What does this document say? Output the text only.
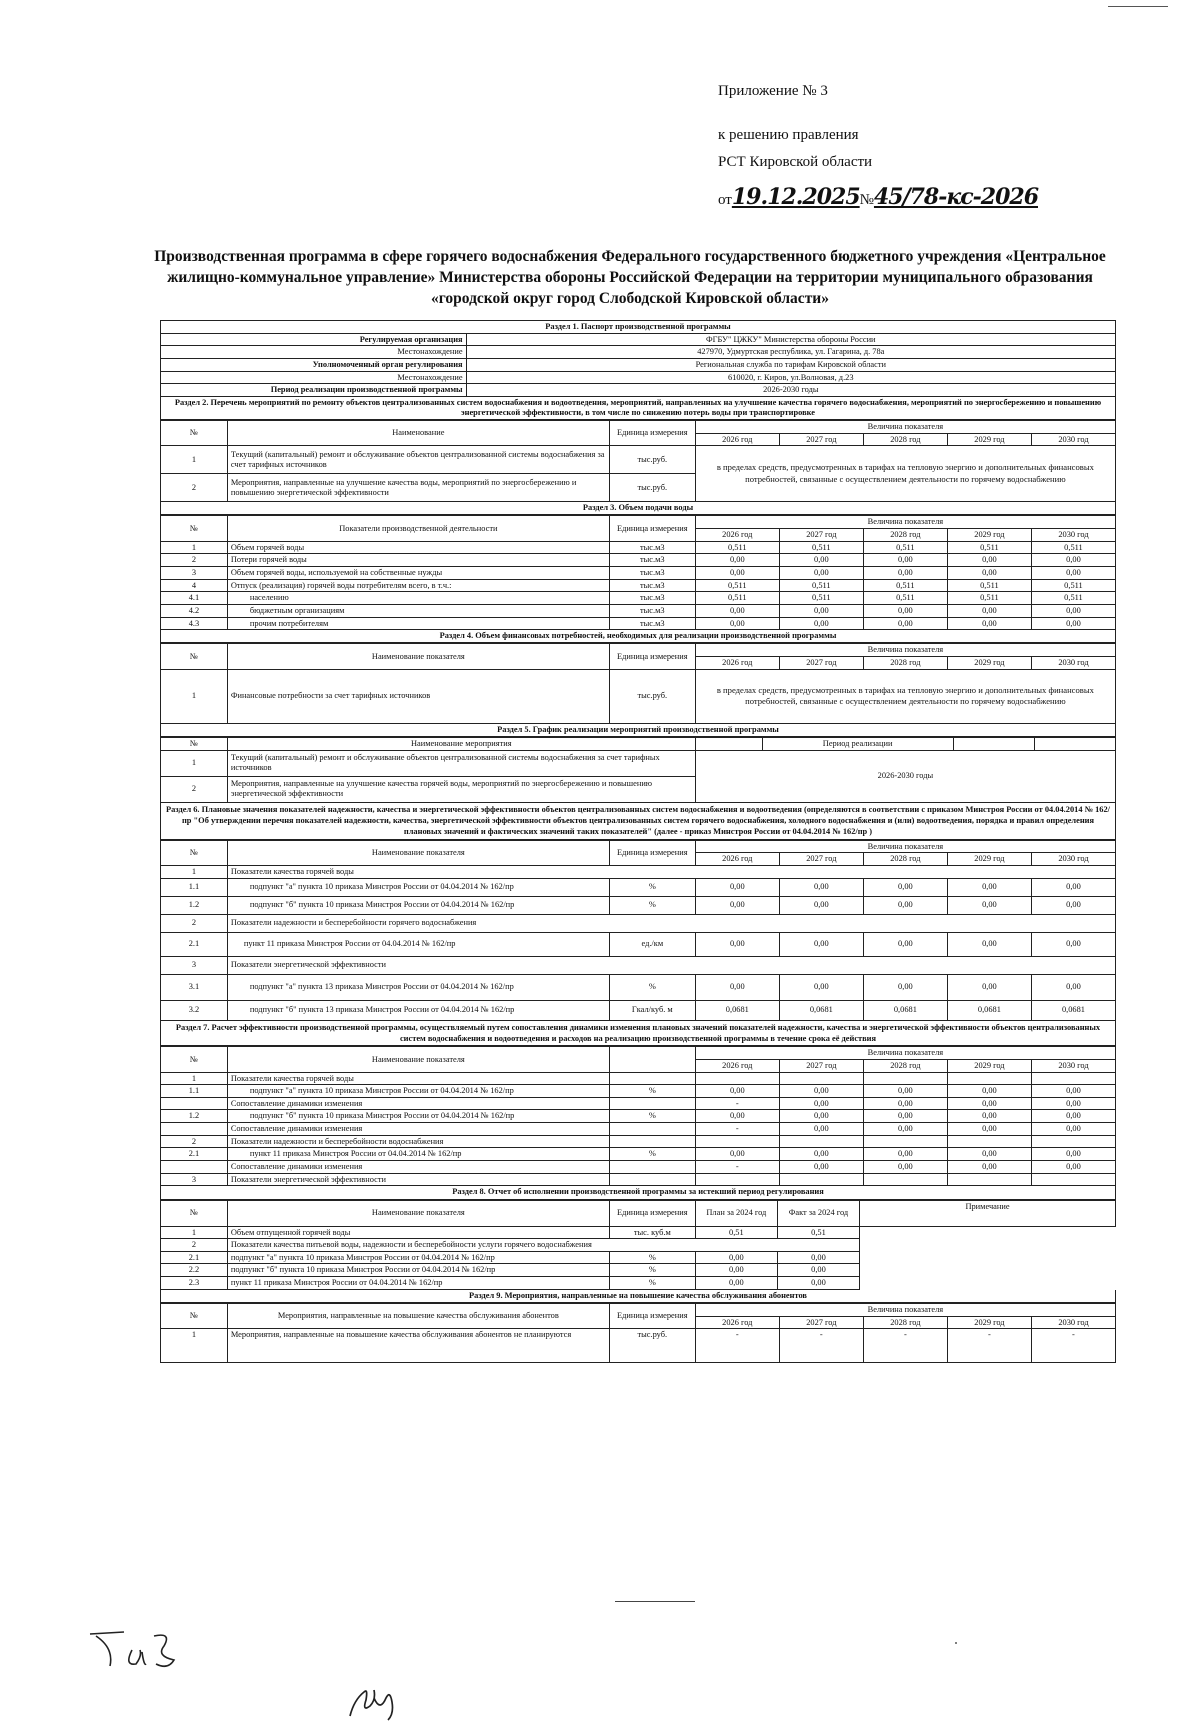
Приложение № 3
к решению правления
РСТ Кировской области
от19.12.2025№45/78-кс-2026
Производственная программа в сфере горячего водоснабжения Федерального государственного бюджетного учреждения «Центральное жилищно-коммунальное управление» Министерства обороны Российской Федерации на территории муниципального образования «городской округ город Слободской Кировской области»
Раздел 1. Паспорт производственной программы	
Регулируемая организация	ФГБУ" ЦЖКУ" Министерства обороны России
Местонахождение	427970, Удмуртская республика, ул. Гагарина, д. 78а
Уполномоченный орган регулирования	Региональная служба по тарифам Кировской области
Местонахождение	610020, г. Киров, ул.Волновая, д.23
Период реализации производственной программы	2026-2030 годы
Раздел 2. Перечень мероприятий по ремонту объектов централизованных систем водоснабжения и водоотведения, мероприятий, направленных на улучшение качества горячего водоснабжения, мероприятий по энергосбережению и повышению энергетической эффективности, в том числе по снижению потерь воды при транспортировке
№	Наименование	Единица измерения	Величина показателя				
			2026 год	2027 год	2028 год	2029 год	2030 год
1	Текущий (капитальный) ремонт и обслуживание объектов централизованной системы водоснабжения за счет тарифных источников	тыс.руб.	в пределах средств, предусмотренных в тарифах на тепловую энергию и дополнительных финансовых потребностей, связанные с осуществлением деятельности по горячему водоснабжению				
2	Мероприятия, направленные на улучшение качества воды, мероприятий по энергосбережению и повышению энергетической эффективности	тыс.руб.					
Раздел 3. Объем подачи воды
№	Показатели производственной деятельности	Единица измерения	Величина показателя				
			2026 год	2027 год	2028 год	2029 год	2030 год
1	Объем горячей воды	тыс.м3	0,511	0,511	0,511	0,511	0,511
2	Потери горячей воды	тыс.м3	0,00	0,00	0,00	0,00	0,00
3	Объем горячей воды, используемой на собственные нужды	тыс.м3	0,00	0,00	0,00	0,00	0,00
4	Отпуск (реализация) горячей воды потребителям всего, в т.ч.:	тыс.м3	0,511	0,511	0,511	0,511	0,511
4.1	населению	тыс.м3	0,511	0,511	0,511	0,511	0,511
4.2	бюджетным организациям	тыс.м3	0,00	0,00	0,00	0,00	0,00
4.3	прочим потребителям	тыс.м3	0,00	0,00	0,00	0,00	0,00
Раздел 4. Объем финансовых потребностей, необходимых для реализации производственной программы
№	Наименование показателя	Единица измерения	Величина показателя				
			2026 год	2027 год	2028 год	2029 год	2030 год
1	Финансовые потребности за счет тарифных источников	тыс.руб.	в пределах средств, предусмотренных в тарифах на тепловую энергию и дополнительных финансовых потребностей, связанные с осуществлением деятельности по горячему водоснабжению				
Раздел 5. График реализации мероприятий производственной программы
№	Наименование мероприятия		Период реализации		
1	Текущий (капитальный) ремонт и обслуживание объектов централизованной системы водоснабжения за счет тарифных источников	2026-2030 годы			
2	Мероприятия, направленные на улучшение качества горячей воды, мероприятий по энергосбережению и повышению энергетической эффективности				
Раздел 6. Плановые значения показателей надежности, качества и энергетической эффективности объектов централизованных систем водоснабжения и водоотведения (определяются в соответствии с приказом Минстроя России от 04.04.2014 № 162/пр "Об утверждении перечня показателей надежности, качества, энергетической эффективности объектов централизованных систем горячего водоснабжения, холодного водоснабжения и (или) водоотведения, порядка и правил определения плановых значений и фактических значений таких показателей" (далее - приказ Минстроя России от 04.04.2014 № 162/пр )
№	Наименование показателя	Единица измерения	Величина показателя				
			2026 год	2027 год	2028 год	2029 год	2030 год
1	Показатели качества горячей воды						
1.1	подпункт "а" пункта 10 приказа Минстроя России от 04.04.2014 № 162/пр	%	0,00	0,00	0,00	0,00	0,00
1.2	подпункт "б" пункта 10 приказа Минстроя России от 04.04.2014 № 162/пр	%	0,00	0,00	0,00	0,00	0,00
2	Показатели надежности и бесперебойности горячего водоснабжения						
2.1	пункт 11 приказа Минстроя России от 04.04.2014 № 162/пр	ед./км	0,00	0,00	0,00	0,00	0,00
3	Показатели энергетической эффективности						
3.1	подпункт "а" пункта 13 приказа Минстроя России от 04.04.2014 № 162/пр	%	0,00	0,00	0,00	0,00	0,00
3.2	подпункт "б" пункта 13 приказа Минстроя России от 04.04.2014 № 162/пр	Гкал/куб. м	0,0681	0,0681	0,0681	0,0681	0,0681
Раздел 7. Расчет эффективности производственной программы, осуществляемый путем сопоставления динамики изменения плановых значений показателей надежности, качества и энергетической эффективности объектов централизованных систем водоснабжения и водоотведения и расходов на реализацию производственной программы в течение срока её действия
№	Наименование показателя		Величина показателя				
			2026 год	2027 год	2028 год	2029 год	2030 год
1	Показатели качества горячей воды						
1.1	подпункт "а" пункта 10 приказа Минстроя России от 04.04.2014 № 162/пр	%	0,00	0,00	0,00	0,00	0,00
	Сопоставление динамики изменения		-	0,00	0,00	0,00	0,00
1.2	подпункт "б" пункта 10 приказа Минстроя России от 04.04.2014 № 162/пр	%	0,00	0,00	0,00	0,00	0,00
	Сопоставление динамики изменения		-	0,00	0,00	0,00	0,00
2	Показатели надежности и бесперебойности водоснабжения						
2.1	пункт 11 приказа Минстроя России от 04.04.2014 № 162/пр	%	0,00	0,00	0,00	0,00	0,00
	Сопоставление динамики изменения		-	0,00	0,00	0,00	0,00
3	Показатели энергетической эффективности						
Раздел 8. Отчет об исполнении производственной программы за истекший период регулирования
№	Наименование показателя	Единица измерения	План за 2024 год	Факт за 2024 год	Примечание
1	Объем отпущенной горячей воды	тыс. куб.м	0,51	0,51	
2	Показатели качества питьевой воды, надежности и бесперебойности услуги горячего водоснабжения				
2.1	подпункт "а" пункта 10 приказа Минстроя России от 04.04.2014 № 162/пр	%	0,00	0,00	
2.2	подпункт "б" пункта 10 приказа Минстроя России от 04.04.2014 № 162/пр	%	0,00	0,00	
2.3	пункт 11 приказа Минстроя России от 04.04.2014 № 162/пр	%	0,00	0,00	
Раздел 9. Мероприятия, направленные на повышение качества обслуживания абонентов
№	Мероприятия, направленные на повышение качества обслуживания абонентов	Единица измерения	Величина показателя				
			2026 год	2027 год	2028 год	2029 год	2030 год
1	Мероприятия, направленные на повышение качества обслуживания абонентов не планируются	тыс.руб.	-	-	-	-	-
